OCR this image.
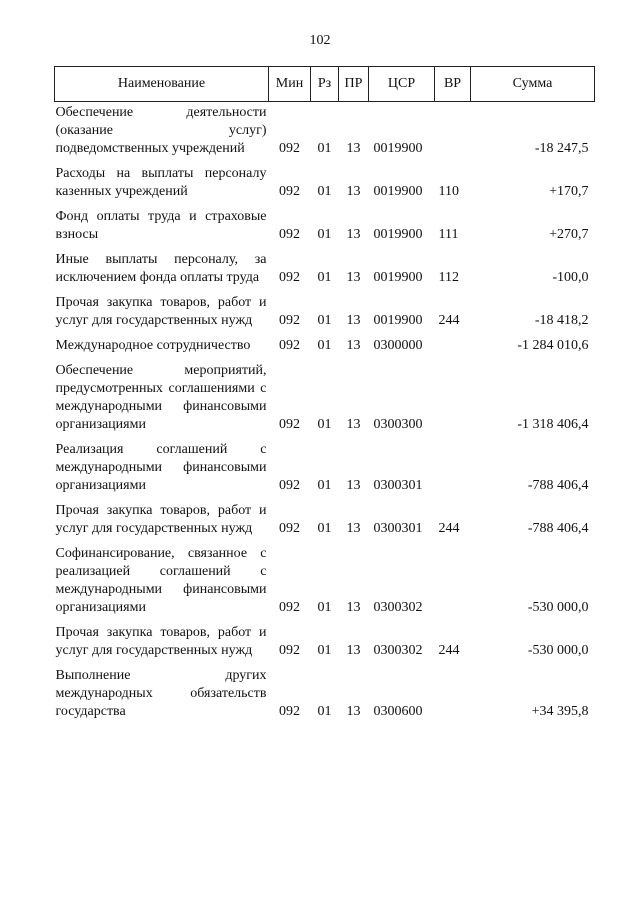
102
Наименование	Мин	Рз	ПР	ЦСР	ВР	Сумма
Обеспечение деятельности (оказание услуг) подведомственных учреждений	092	01	13	0019900		-18 247,5
Расходы на выплаты персоналу казенных учреждений	092	01	13	0019900	110	+170,7
Фонд оплаты труда и страховые взносы	092	01	13	0019900	111	+270,7
Иные выплаты персоналу, за исключением фонда оплаты труда	092	01	13	0019900	112	-100,0
Прочая закупка товаров, работ и услуг для государственных нужд	092	01	13	0019900	244	-18 418,2
Международное сотрудничество	092	01	13	0300000		-1 284 010,6
Обеспечение мероприятий, предусмотренных соглашениями с международными финансовыми организациями	092	01	13	0300300		-1 318 406,4
Реализация соглашений с международными финансовыми организациями	092	01	13	0300301		-788 406,4
Прочая закупка товаров, работ и услуг для государственных нужд	092	01	13	0300301	244	-788 406,4
Софинансирование, связанное с реализацией соглашений с международными финансовыми организациями	092	01	13	0300302		-530 000,0
Прочая закупка товаров, работ и услуг для государственных нужд	092	01	13	0300302	244	-530 000,0
Выполнение других международных обязательств государства	092	01	13	0300600		+34 395,8
